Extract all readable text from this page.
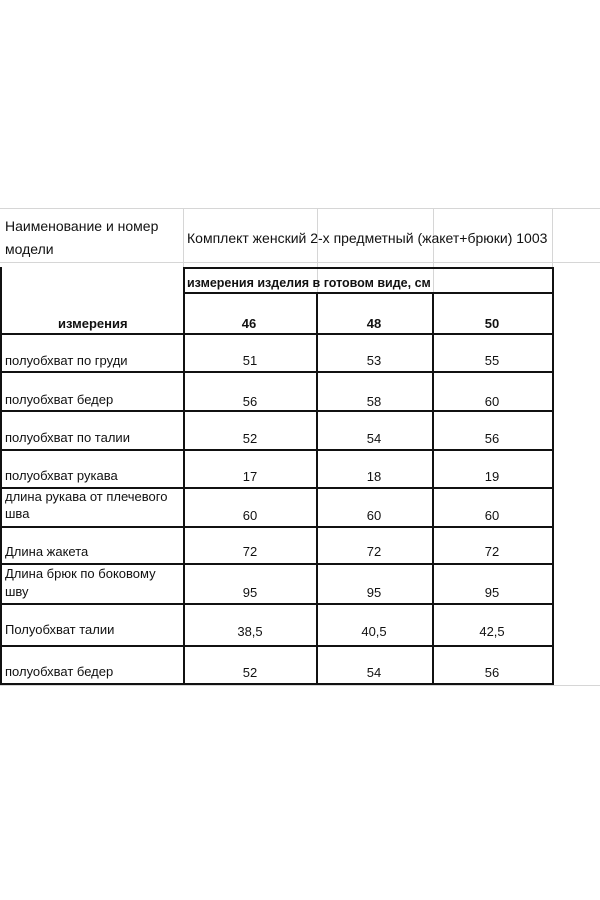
Наименование и номер
модели
Комплект женский 2-х предметный (жакет+брюки) 1003
измерения изделия в готовом виде, см
измерения	46	48	50
полуобхват по груди	51	53	55
полуобхват бедер	56	58	60
полуобхват по талии	52	54	56
полуобхват рукава	17	18	19
длина рукава от плечевого
шва	60	60	60
Длина жакета	72	72	72
Длина брюк по боковому
шву	95	95	95
Полуобхват талии	38,5	40,5	42,5
полуобхват бедер	52	54	56
